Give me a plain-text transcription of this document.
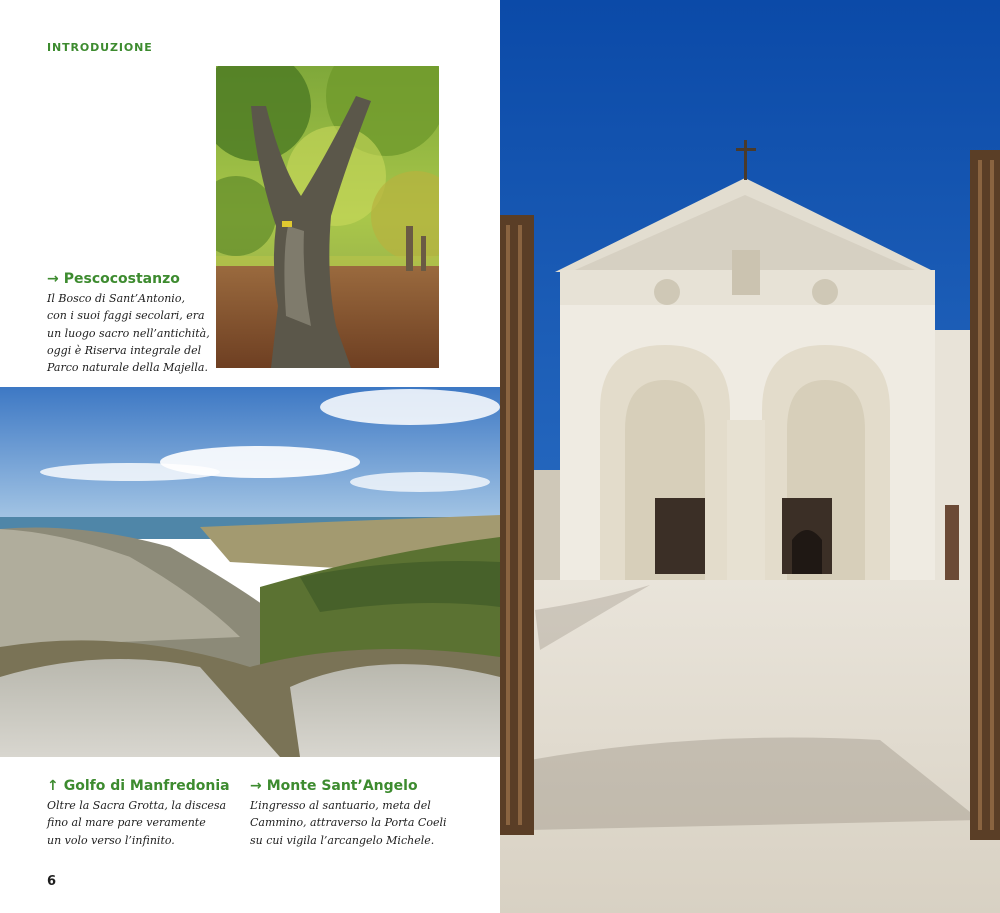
INTRODUZIONE
→ Pescocostanzo
Il Bosco di Sant’Antonio,
con i suoi faggi secolari, era
un luogo sacro nell’antichità,
oggi è Riserva integrale del
Parco naturale della Majella.
↑ Golfo di Manfredonia
Oltre la Sacra Grotta, la discesa
fino al mare pare veramente
un volo verso l’infinito.
→ Monte Sant’Angelo
L’ingresso al santuario, meta del
Cammino, attraverso la Porta Coeli
su cui vigila l’arcangelo Michele.
6
